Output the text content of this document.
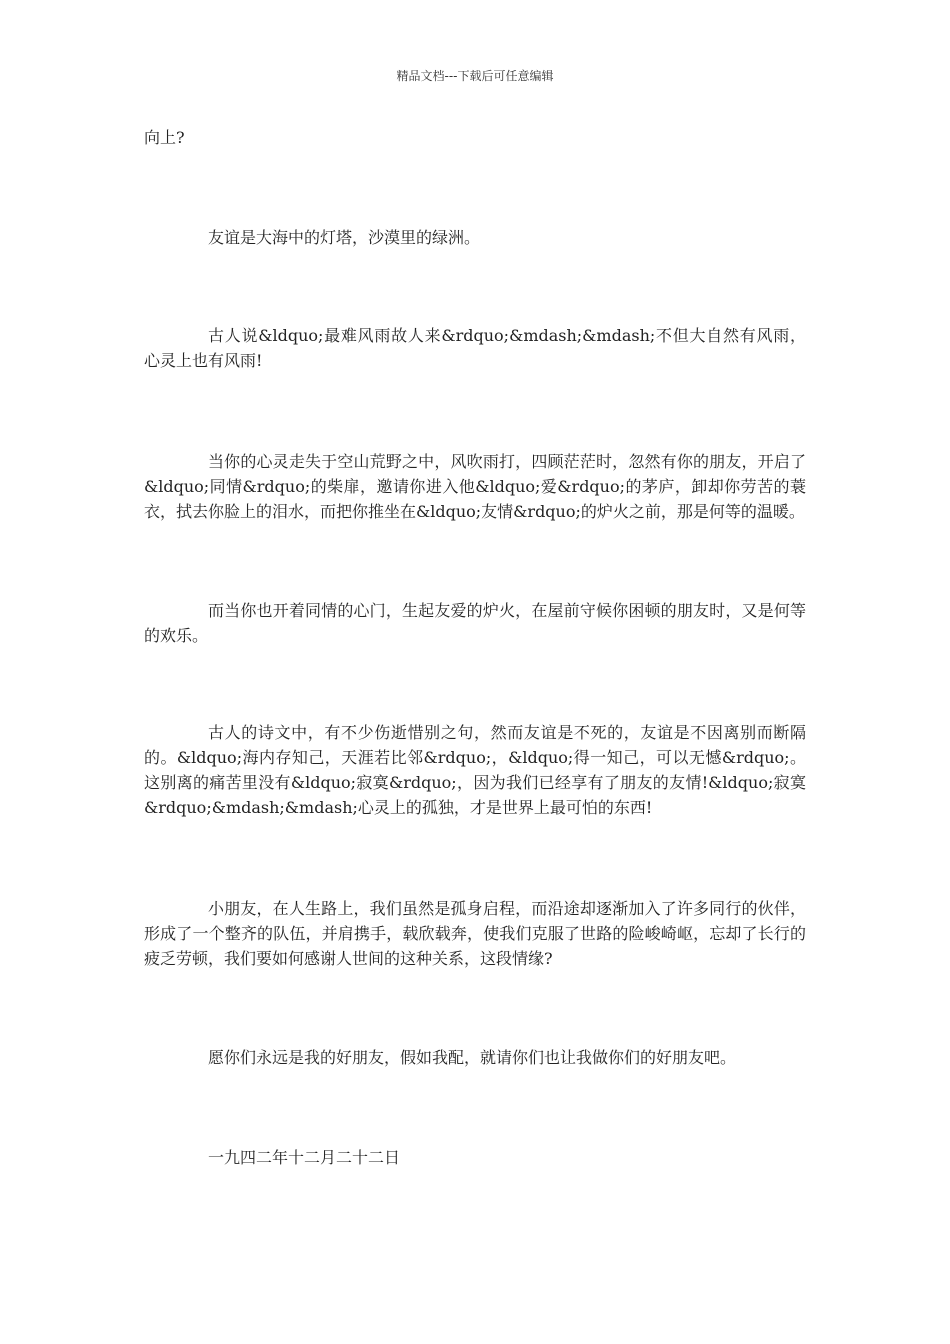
精品文档---下载后可任意编辑

向上?

友谊是大海中的灯塔，沙漠里的绿洲。

古人说&ldquo;最难风雨故人来&rdquo;&mdash;&mdash;不但大自然有风雨，心灵上也有风雨!

当你的心灵走失于空山荒野之中，风吹雨打，四顾茫茫时，忽然有你的朋友，开启了&ldquo;同情&rdquo;的柴扉，邀请你进入他&ldquo;爱&rdquo;的茅庐，卸却你劳苦的蓑衣，拭去你脸上的泪水，而把你推坐在&ldquo;友情&rdquo;的炉火之前，那是何等的温暖。

而当你也开着同情的心门，生起友爱的炉火，在屋前守候你困顿的朋友时，又是何等的欢乐。

古人的诗文中，有不少伤逝惜别之句，然而友谊是不死的，友谊是不因离别而断隔的。&ldquo;海内存知己，天涯若比邻&rdquo;，&ldquo;得一知己，可以无憾&rdquo;。这别离的痛苦里没有&ldquo;寂寞&rdquo;，因为我们已经享有了朋友的友情!&ldquo;寂寞&rdquo;&mdash;&mdash;心灵上的孤独，才是世界上最可怕的东西!

小朋友，在人生路上，我们虽然是孤身启程，而沿途却逐渐加入了许多同行的伙伴，形成了一个整齐的队伍，并肩携手，载欣载奔，使我们克服了世路的险峻崎岖，忘却了长行的疲乏劳顿，我们要如何感谢人世间的这种关系，这段情缘?

愿你们永远是我的好朋友，假如我配，就请你们也让我做你们的好朋友吧。

一九四二年十二月二十二日
